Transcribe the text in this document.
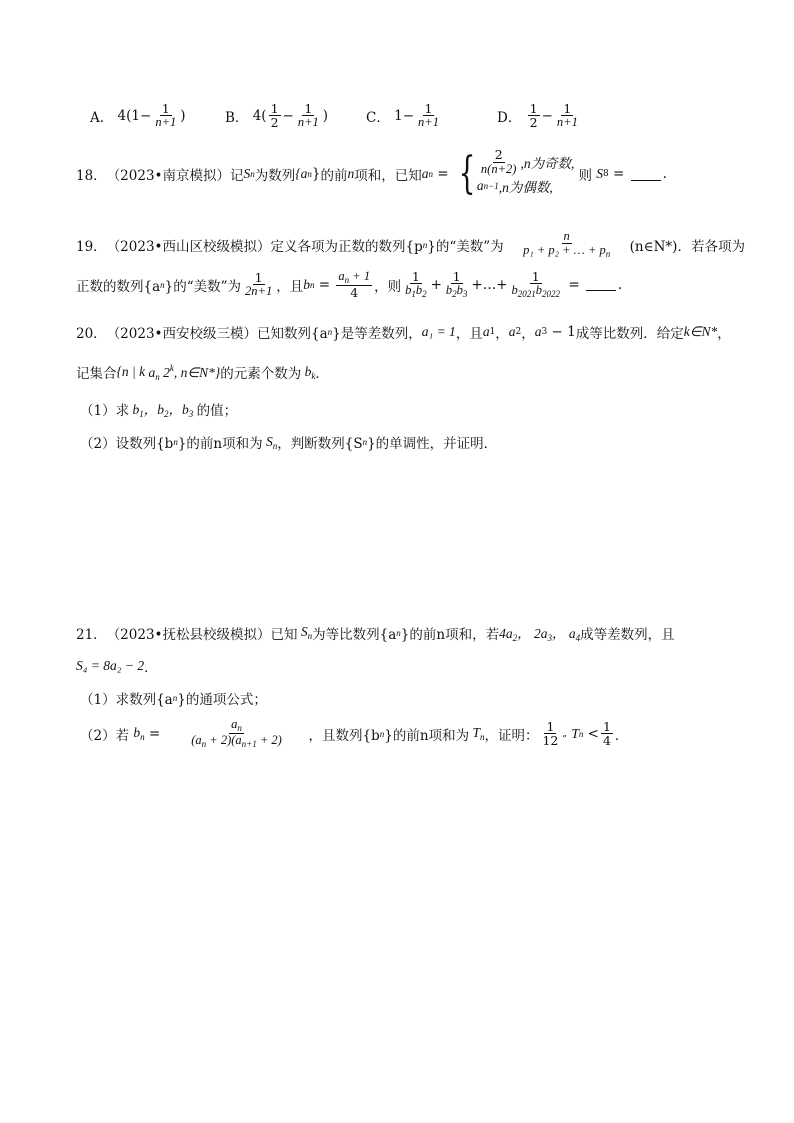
A．
$4(1- \frac{1}{n+1}$ )	B．
$4( \frac{1}{2} - \frac{1}{n+1}$ )	C．
$1- \frac{1}{n+1}$	D．
$\frac{1}{2} - \frac{1}{n+1}$
18． （2023•南京模拟） 记 S n 为数列 {a n } 的前 n 项和，已知 a n = { $\frac{2}{n(n+2)} ,n$为奇数,
a n−1 ,n为偶数,
则
S 8 =	.
19． （2023•西山区校级模拟） 定义各项为正数的数列{p n }的“美数”为 $\frac{n}{p_1 + p_2 + \dots + p_n}$ (n∈N*)．若各项为
正数的数列{a n }的“美数”为 $\frac{1}{2n+1}$ ，且 b $n = \frac{a_n + 1}{4}$ ，则 $\frac{1}{b_1b_2} + \frac{1}{b_2b_3}$ +…+ $\frac{1}{b_{2021}b_{2022}}$
=
	.
20． （2023•西安校级三模） 已知数列{a n }是等差数列， a₁ = 1 ，且 a 1 ， a 2 ， a 3 − 1 成等比数列．给定 k∈N* ，
记集合 {n | k $a_n$ 2$^k$, n∈N*} 的元素个数为 $b_k$ ．
（1）求 $b_1$，$b_2$，$b_3$ 的值；
（2）设数列{b n }的前n项和为 $S_n$ ，判断数列{S n }的单调性，并证明．
21． （2023•抚松县校级模拟） 已知 $S_n$ 为等比数列{a n }的前n项和，若 $4a_2$， $2a_3$， $a_4$ 成等差数列，且
S₄ = 8a₂ − 2 ．
（1）求数列{a n }的通项公式；
（2）若
$b_n = \frac{a_n}{(a_n + 2)(a_{n+1} + 2)}$ ，且数列{b n }的前n项和为 $T_n$ ，证明： $\frac{1}{12}$ „
T $n < \frac{1}{4}$ ．
